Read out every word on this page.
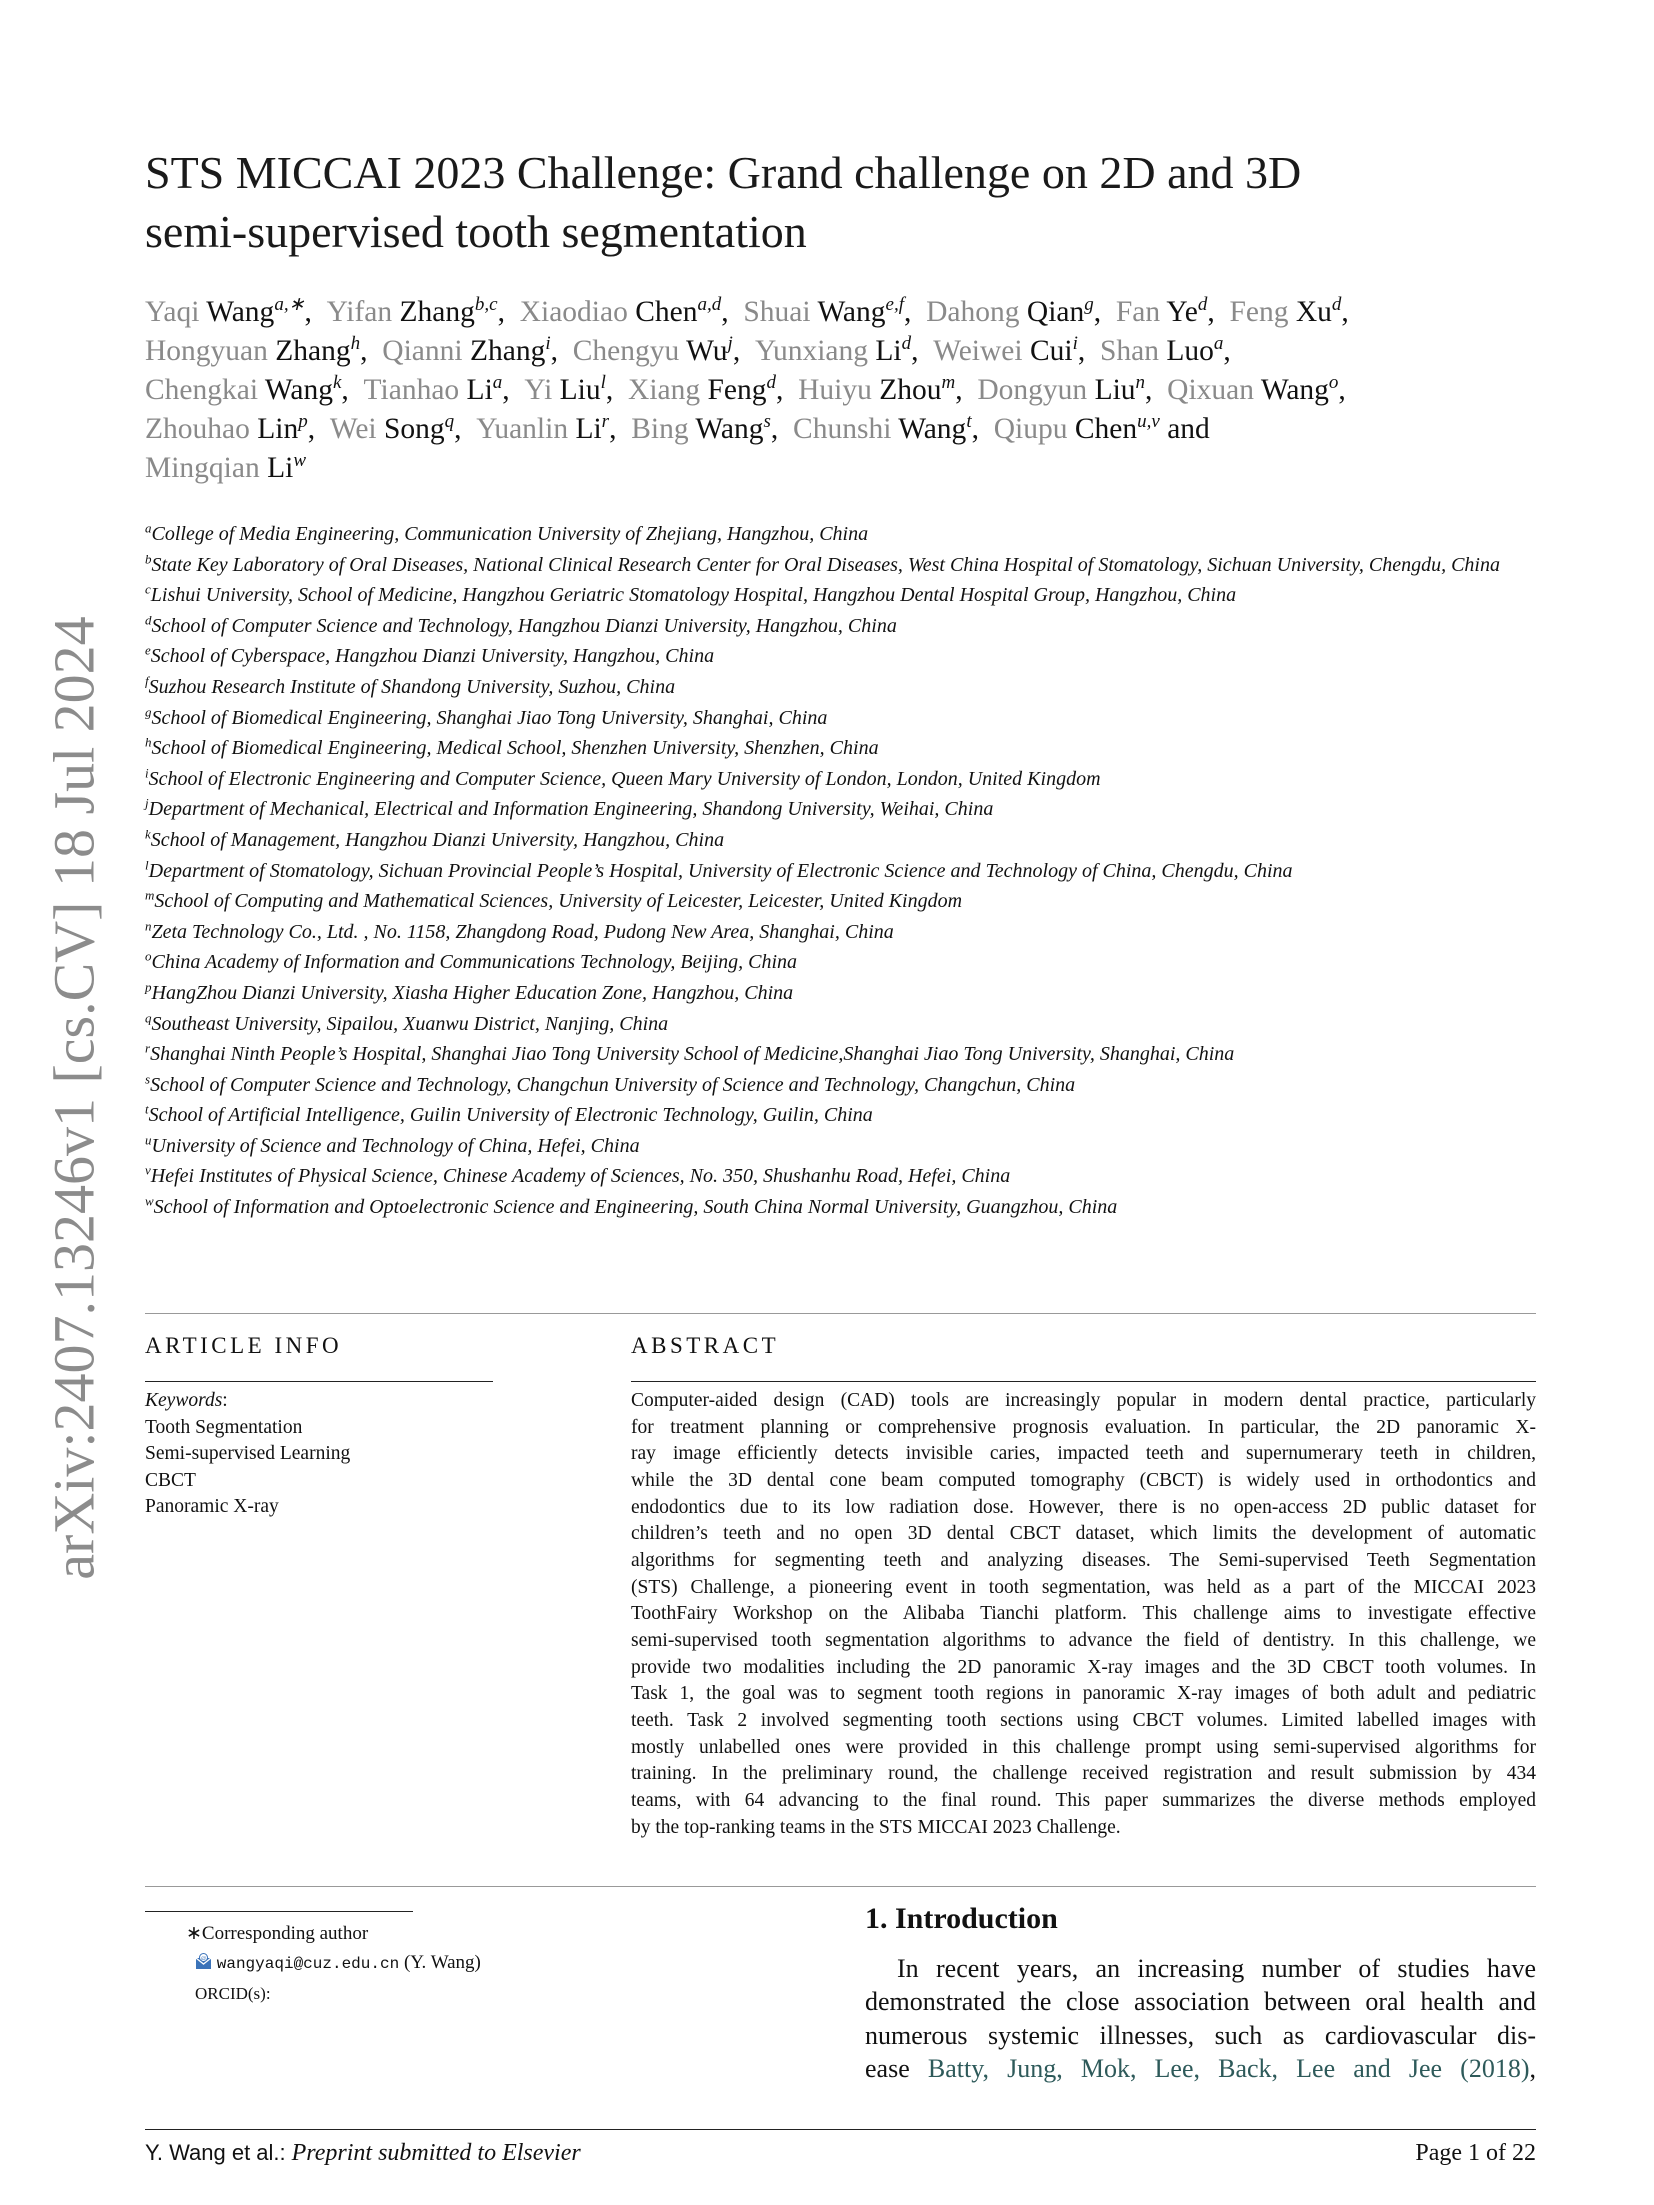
arXiv:2407.13246v1 [cs.CV] 18 Jul 2024
STS MICCAI 2023 Challenge: Grand challenge on 2D and 3D
semi-supervised tooth segmentation
Yaqi Wang$^{a,∗}$, Yifan Zhang$^{b,c}$, Xiaodiao Chen$^{a,d}$, Shuai Wang$^{e,f}$, Dahong Qian$^g$, Fan Ye$^d$, Feng Xu$^d$, 
Hongyuan Zhang$^h$, Qianni Zhang$^i$, Chengyu Wu$^j$, Yunxiang Li$^d$, Weiwei Cui$^i$, Shan Luo$^a$, 
Chengkai Wang$^k$, Tianhao Li$^a$, Yi Liu$^l$, Xiang Feng$^d$, Huiyu Zhou$^m$, Dongyun Liu$^n$, Qixuan Wang$^o$, 
Zhouhao Lin$^p$, Wei Song$^q$, Yuanlin Li$^r$, Bing Wang$^s$, Chunshi Wang$^t$, Qiupu Chen$^{u,v}$ and
Mingqian Li$^w$
$^a$College of Media Engineering, Communication University of Zhejiang, Hangzhou, China
$^b$State Key Laboratory of Oral Diseases, National Clinical Research Center for Oral Diseases, West China Hospital of Stomatology, Sichuan University, Chengdu, China
$^c$Lishui University, School of Medicine, Hangzhou Geriatric Stomatology Hospital, Hangzhou Dental Hospital Group, Hangzhou, China
$^d$School of Computer Science and Technology, Hangzhou Dianzi University, Hangzhou, China
$^e$School of Cyberspace, Hangzhou Dianzi University, Hangzhou, China
$^f$Suzhou Research Institute of Shandong University, Suzhou, China
$^g$School of Biomedical Engineering, Shanghai Jiao Tong University, Shanghai, China
$^h$School of Biomedical Engineering, Medical School, Shenzhen University, Shenzhen, China
$^i$School of Electronic Engineering and Computer Science, Queen Mary University of London, London, United Kingdom
$^j$Department of Mechanical, Electrical and Information Engineering, Shandong University, Weihai, China
$^k$School of Management, Hangzhou Dianzi University, Hangzhou, China
$^l$Department of Stomatology, Sichuan Provincial People’s Hospital, University of Electronic Science and Technology of China, Chengdu, China
$^m$School of Computing and Mathematical Sciences, University of Leicester, Leicester, United Kingdom
$^n$Zeta Technology Co., Ltd. , No. 1158, Zhangdong Road, Pudong New Area, Shanghai, China
$^o$China Academy of Information and Communications Technology, Beijing, China
$^p$HangZhou Dianzi University, Xiasha Higher Education Zone, Hangzhou, China
$^q$Southeast University, Sipailou, Xuanwu District, Nanjing, China
$^r$Shanghai Ninth People’s Hospital, Shanghai Jiao Tong University School of Medicine,Shanghai Jiao Tong University, Shanghai, China
$^s$School of Computer Science and Technology, Changchun University of Science and Technology, Changchun, China
$^t$School of Artificial Intelligence, Guilin University of Electronic Technology, Guilin, China
$^u$University of Science and Technology of China, Hefei, China
$^v$Hefei Institutes of Physical Science, Chinese Academy of Sciences, No. 350, Shushanhu Road, Hefei, China
$^w$School of Information and Optoelectronic Science and Engineering, South China Normal University, Guangzhou, China
ARTICLE INFO
Keywords:
Tooth Segmentation
Semi-supervised Learning
CBCT
Panoramic X-ray
ABSTRACT
Computer-aided design (CAD) tools are increasingly popular in modern dental practice, particularly
for treatment planning or comprehensive prognosis evaluation. In particular, the 2D panoramic X-
ray image efficiently detects invisible caries, impacted teeth and supernumerary teeth in children,
while the 3D dental cone beam computed tomography (CBCT) is widely used in orthodontics and
endodontics due to its low radiation dose. However, there is no open-access 2D public dataset for
children’s teeth and no open 3D dental CBCT dataset, which limits the development of automatic
algorithms for segmenting teeth and analyzing diseases. The Semi-supervised Teeth Segmentation
(STS) Challenge, a pioneering event in tooth segmentation, was held as a part of the MICCAI 2023
ToothFairy Workshop on the Alibaba Tianchi platform. This challenge aims to investigate effective
semi-supervised tooth segmentation algorithms to advance the field of dentistry. In this challenge, we
provide two modalities including the 2D panoramic X-ray images and the 3D CBCT tooth volumes. In
Task 1, the goal was to segment tooth regions in panoramic X-ray images of both adult and pediatric
teeth. Task 2 involved segmenting tooth sections using CBCT volumes. Limited labelled images with
mostly unlabelled ones were provided in this challenge prompt using semi-supervised algorithms for
training. In the preliminary round, the challenge received registration and result submission by 434
teams, with 64 advancing to the final round. This paper summarizes the diverse methods employed
by the top-ranking teams in the STS MICCAI 2023 Challenge.
∗Corresponding author
@ wangyaqi@cuz.edu.cn (Y. Wang)
ORCID(s):
1. Introduction
In recent years, an increasing number of studies have
demonstrated the close association between oral health and
numerous systemic illnesses, such as cardiovascular dis-
ease Batty, Jung, Mok, Lee, Back, Lee and Jee (2018),
Y. Wang et al.: Preprint submitted to Elsevier	Page 1 of 22
